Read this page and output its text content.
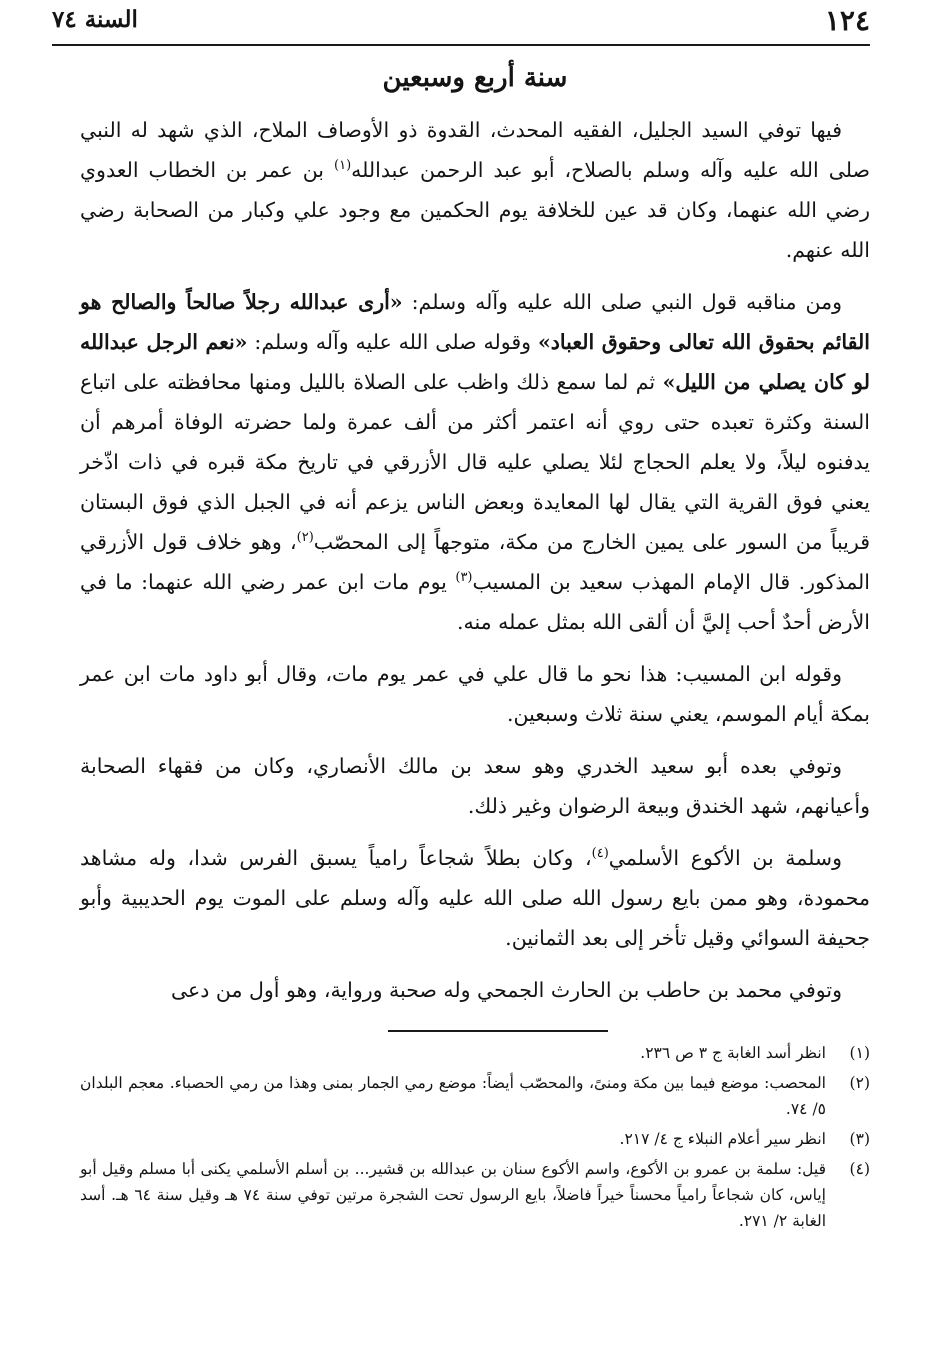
١٢٤
السنة ٧٤
سنة أربع وسبعين

فيها توفي السيد الجليل، الفقيه المحدث، القدوة ذو الأوصاف الملاح، الذي شهد له النبي صلى الله عليه وآله وسلم بالصلاح، أبو عبد الرحمن عبدالله$^{(١)}$ بن عمر بن الخطاب العدوي رضي الله عنهما، وكان قد عين للخلافة يوم الحكمين مع وجود علي وكبار من الصحابة رضي الله عنهم.

ومن مناقبه قول النبي صلى الله عليه وآله وسلم: «أرى عبدالله رجلاً صالحاً والصالح هو القائم بحقوق الله تعالى وحقوق العباد» وقوله صلى الله عليه وآله وسلم: «نعم الرجل عبدالله لو كان يصلي من الليل» ثم لما سمع ذلك واظب على الصلاة بالليل ومنها محافظته على اتباع السنة وكثرة تعبده حتى روي أنه اعتمر أكثر من ألف عمرة ولما حضرته الوفاة أمرهم أن يدفنوه ليلاً، ولا يعلم الحجاج لئلا يصلي عليه قال الأزرقي في تاريخ مكة قبره في ذات اذّخر يعني فوق القرية التي يقال لها المعايدة وبعض الناس يزعم أنه في الجبل الذي فوق البستان قريباً من السور على يمين الخارج من مكة، متوجهاً إلى المحصّب$^{(٢)}$، وهو خلاف قول الأزرقي المذكور. قال الإمام المهذب سعيد بن المسيب$^{(٣)}$ يوم مات ابن عمر رضي الله عنهما: ما في الأرض أحدٌ أحب إليَّ أن ألقى الله بمثل عمله منه.

وقوله ابن المسيب: هذا نحو ما قال علي في عمر يوم مات، وقال أبو داود مات ابن عمر بمكة أيام الموسم، يعني سنة ثلاث وسبعين.

وتوفي بعده أبو سعيد الخدري وهو سعد بن مالك الأنصاري، وكان من فقهاء الصحابة وأعيانهم، شهد الخندق وبيعة الرضوان وغير ذلك.

وسلمة بن الأكوع الأسلمي$^{(٤)}$، وكان بطلاً شجاعاً رامياً يسبق الفرس شدا، وله مشاهد محمودة، وهو ممن بايع رسول الله صلى الله عليه وآله وسلم على الموت يوم الحديبية وأبو جحيفة السوائي وقيل تأخر إلى بعد الثمانين.

وتوفي محمد بن حاطب بن الحارث الجمحي وله صحبة ورواية، وهو أول من دعى

(١)
انظر أسد الغابة ج ٣ ص ٢٣٦.
(٢)
المحصب: موضع فيما بين مكة ومنىً، والمحصّب أيضاً: موضع رمي الجمار بمنى وهذا من رمي الحصباء. معجم البلدان ٥/ ٧٤.
(٣)
انظر سير أعلام النبلاء ج ٤/ ٢١٧.
(٤)
قيل: سلمة بن عمرو بن الأكوع، واسم الأكوع سنان بن عبدالله بن قشير... بن أسلم الأسلمي يكنى أبا مسلم وقيل أبو إياس، كان شجاعاً رامياً محسناً خيراً فاضلاً، بايع الرسول تحت الشجرة مرتين توفي سنة ٧٤ هـ وقيل سنة ٦٤ هـ. أسد الغابة ٢/ ٢٧١.
